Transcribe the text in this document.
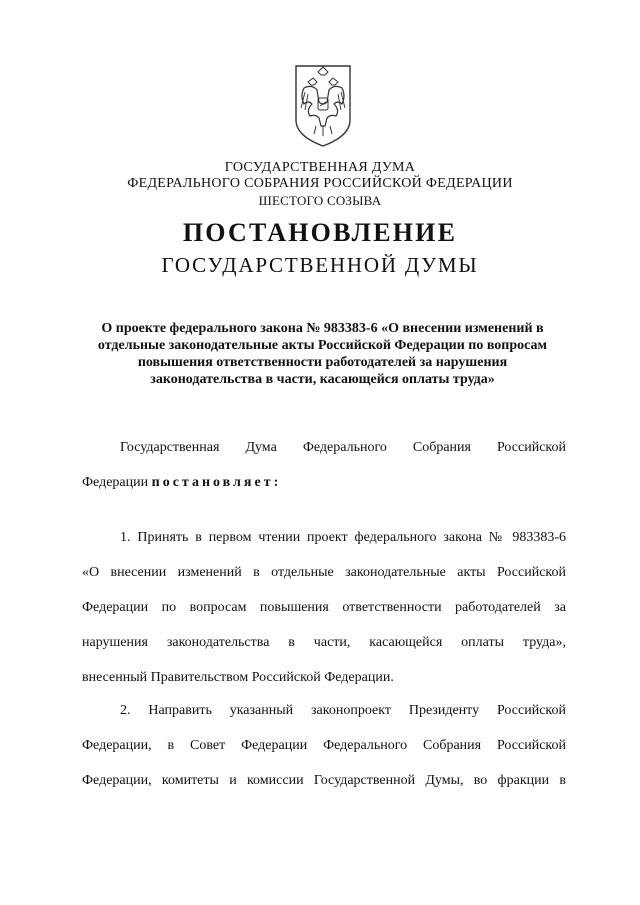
ГОСУДАРСТВЕННАЯ ДУМА
ФЕДЕРАЛЬНОГО СОБРАНИЯ РОССИЙСКОЙ ФЕДЕРАЦИИ
ШЕСТОГО СОЗЫВА
ПОСТАНОВЛЕНИЕ
ГОСУДАРСТВЕННОЙ ДУМЫ
О проекте федерального закона № 983383-6 «О внесении изменений в
отдельные законодательные акты Российской Федерации по вопросам
повышения ответственности работодателей за нарушения
законодательства в части, касающейся оплаты труда»
Государственная Дума Федерального Собрания Российской
Федерации постановляет:
1. Принять в первом чтении проект федерального закона № 983383-6
«О внесении изменений в отдельные законодательные акты Российской
Федерации по вопросам повышения ответственности работодателей за
нарушения законодательства в части, касающейся оплаты труда»,
внесенный Правительством Российской Федерации.
2. Направить указанный законопроект Президенту Российской
Федерации, в Совет Федерации Федерального Собрания Российской
Федерации, комитеты и комиссии Государственной Думы, во фракции в
